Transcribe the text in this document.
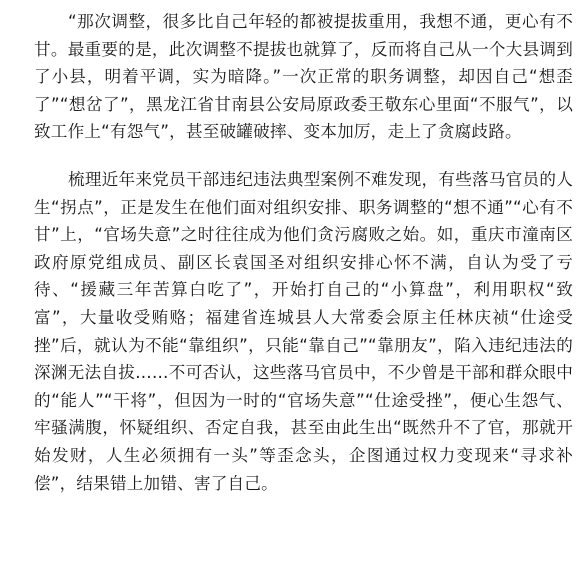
“那次调整，很多比自己年轻的都被提拔重用，我想不通，更心有不甘。最重要的是，此次调整不提拔也就算了，反而将自己从一个大县调到了小县，明着平调，实为暗降。”一次正常的职务调整，却因自己“想歪了”“想岔了”，黑龙江省甘南县公安局原政委王敬东心里面“不服气”，以致工作上“有怨气”，甚至破罐破摔、变本加厉，走上了贪腐歧路。

梳理近年来党员干部违纪违法典型案例不难发现，有些落马官员的人生“拐点”，正是发生在他们面对组织安排、职务调整的“想不通”“心有不甘”上，“官场失意”之时往往成为他们贪污腐败之始。如，重庆市潼南区政府原党组成员、副区长袁国圣对组织安排心怀不满，自认为受了亏待、“援藏三年苦算白吃了”，开始打自己的“小算盘”，利用职权“致富”，大量收受贿赂；福建省连城县人大常委会原主任林庆祯“仕途受挫”后，就认为不能“靠组织”，只能“靠自己”“靠朋友”，陷入违纪违法的深渊无法自拔……不可否认，这些落马官员中，不少曾是干部和群众眼中的“能人”“干将”，但因为一时的“官场失意”“仕途受挫”，便心生怨气、牢骚满腹，怀疑组织、否定自我，甚至由此生出“既然升不了官，那就开始发财，人生必须拥有一头”等歪念头，企图通过权力变现来“寻求补偿”，结果错上加错、害了自己。
